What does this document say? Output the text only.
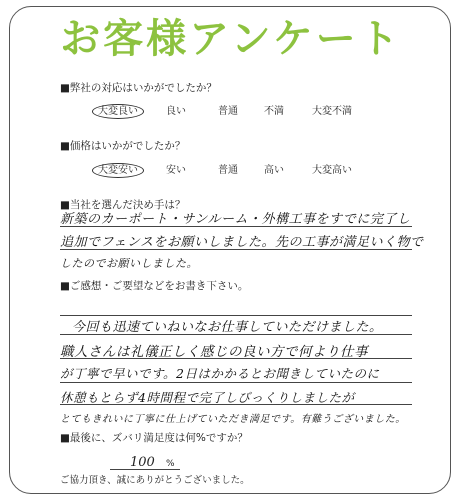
お客様アンケート
■弊社の対応はいかがでしたか？
大変良い	良い	普通	不満	大変不満
■価格はいかがでしたか？
大変安い	安い	普通	高い	大変高い
■当社を選んだ決め手は？
新築のカーポート・サンルーム・外構工事をすでに完了し
追加でフェンスをお願いしました。先の工事が満足いく物で
したのでお願いしました。
■ご感想・ご要望などをお書き下さい。
今回も迅速ていねいなお仕事していただけました。
職人さんは礼儀正しく感じの良い方で何より仕事
が丁寧で早いです。2日はかかるとお聞きしていたのに
休憩もとらず4時間程で完了しびっくりしましたが
とてもきれいに丁寧に仕上げていただき満足です。有難うございました。
■最後に、ズバリ満足度は何%ですか？
100 %
ご協力頂き、誠にありがとうございました。
